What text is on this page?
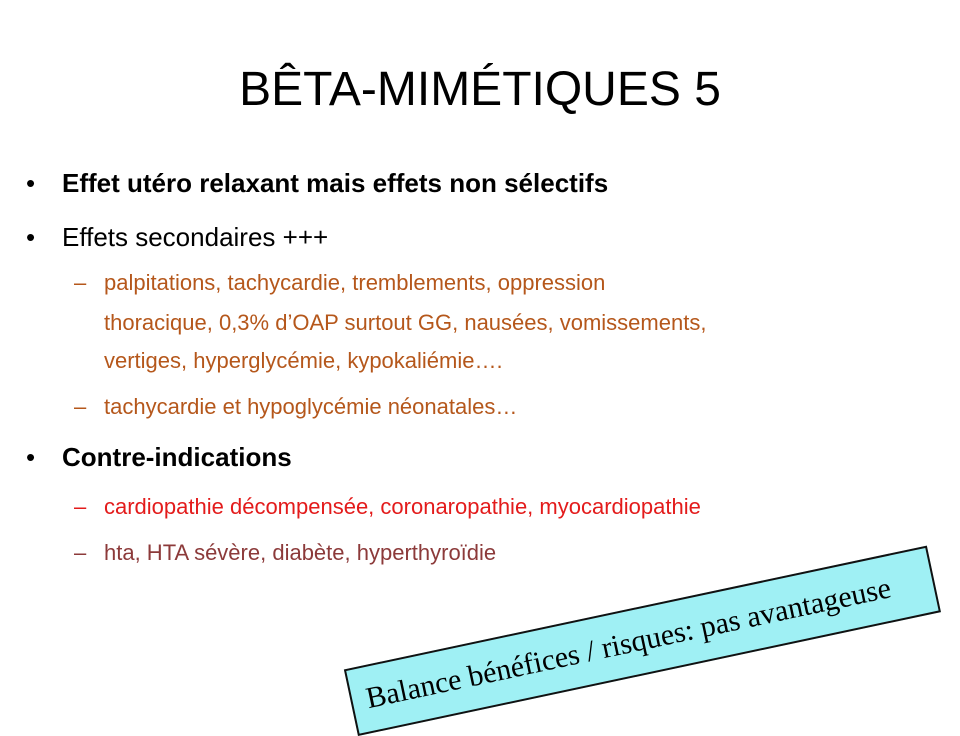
BÊTA-MIMÉTIQUES 5
• Effet utéro relaxant mais effets non sélectifs
• Effets secondaires +++
– palpitations, tachycardie, tremblements, oppression
thoracique, 0,3% d’OAP surtout GG, nausées, vomissements,
vertiges, hyperglycémie, kypokaliémie….
– tachycardie et hypoglycémie néonatales…
• Contre-indications
– cardiopathie décompensée, coronaropathie, myocardiopathie
– hta, HTA sévère, diabète, hyperthyroïdie
Balance bénéfices / risques: pas avantageuse
